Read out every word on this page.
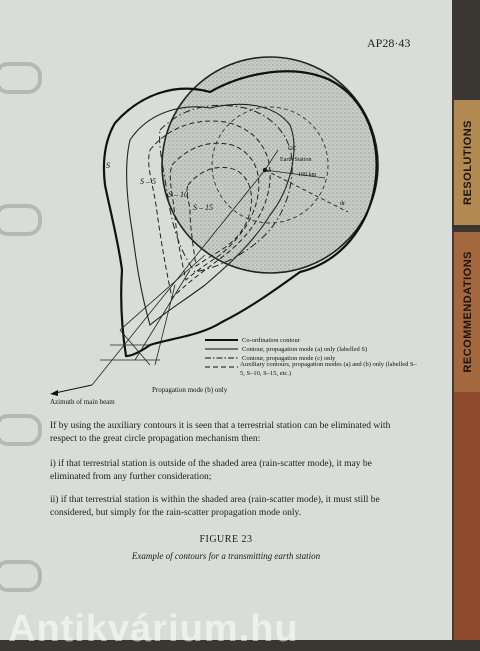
AP28·43
GC
Earth Station
100 km
dr
S
S – 5
S – 10
S – 15
Co-ordination contour
Contour, propagation mode (a) only (labelled S)
Contour, propagation mode (c) only
Auxiliary contours, propagation modes (a) and (b) only (labelled S–5, S–10, S–15, etc.)
Propagation mode (b) only
Azimuth of main beam
If by using the auxiliary contours it is seen that a terrestrial station can be eliminated with respect to the great circle propagation mechanism then:
i) if that terrestrial station is outside of the shaded area (rain-scatter mode), it may be eliminated from any further consideration;
ii) if that terrestrial station is within the shaded area (rain-scatter mode), it must still be considered, but simply for the rain-scatter propagation mode only.
FIGURE 23
Example of contours for a transmitting earth station
Antikvárium.hu
RESOLUTIONS
RECOMMENDATIONS
